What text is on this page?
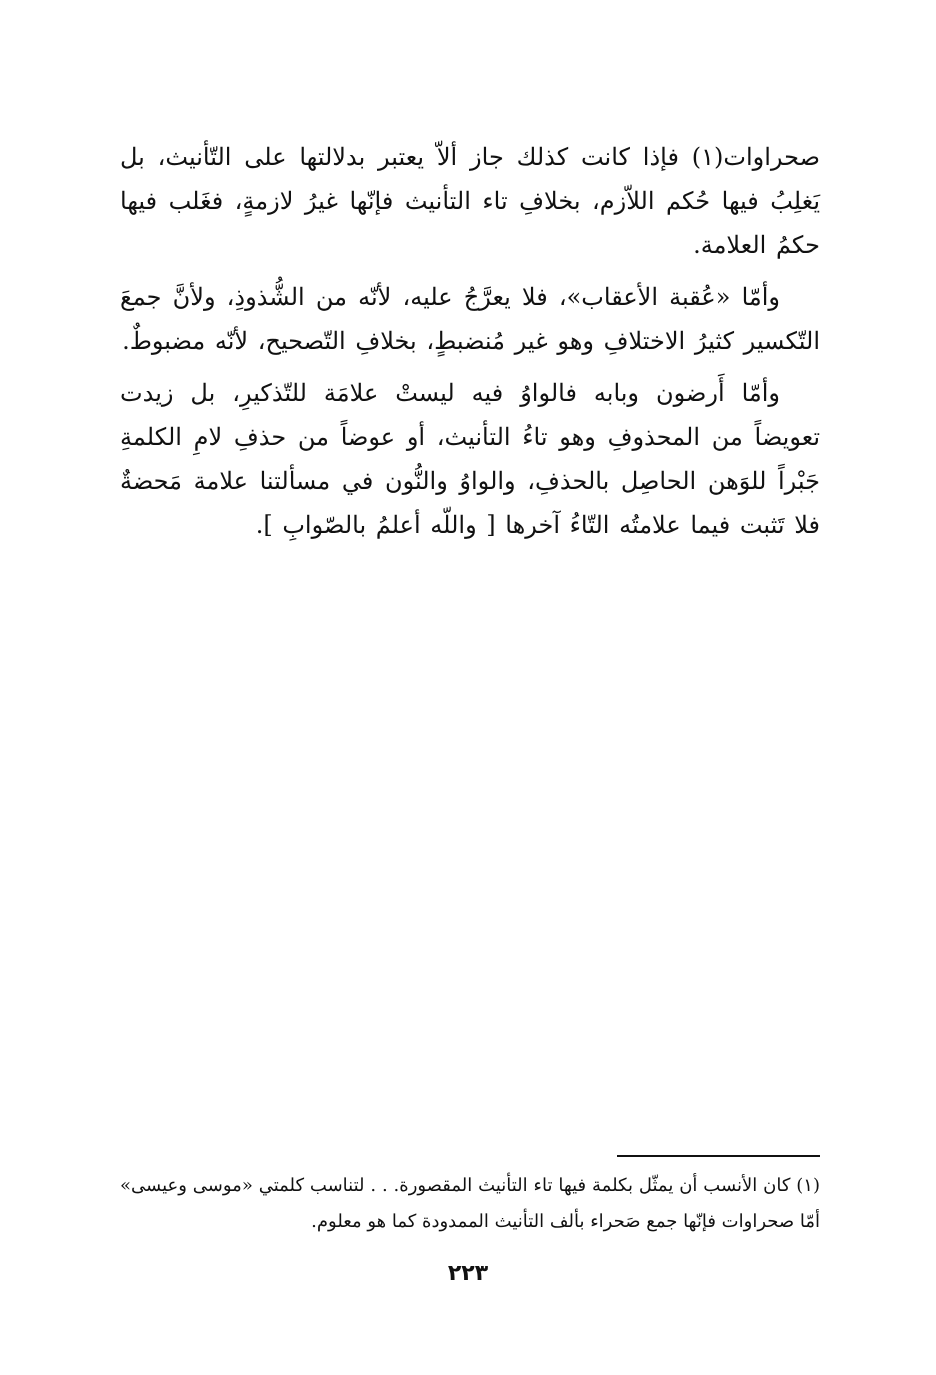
صحراوات(١) فإذا كانت كذلك جاز ألاّ يعتبر بدلالتها على التّأنيث، بل يَغلِبُ فيها حُكم اللاّزم، بخلافِ تاء التأنيث فإنّها غيرُ لازمةٍ، فغَلب فيها حكمُ العلامة.

وأمّا «عُقبة الأعقاب»، فلا يعرَّجُ عليه، لأنّه من الشُّذوذِ، ولأنَّ جمعَ التّكسير كثيرُ الاختلافِ وهو غير مُنضبطٍ، بخلافِ التّصحيح، لأنّه مضبوطٌ.

وأمّا أَرضون وبابه فالواوُ فيه ليستْ علامَة للتّذكيرِ، بل زيدت تعويضاً من المحذوفِ وهو تاءُ التأنيث، أو عوضاً من حذفِ لامِ الكلمةِ جَبْراً للوَهن الحاصِل بالحذفِ، والواوُ والنُّون في مسألتنا علامة مَحضةٌ فلا تَثبت فيما علامتُه التّاءُ آخرها [ واللّه أعلمُ بالصّوابِ ].

(١) كان الأنسب أن يمثّل بكلمة فيها تاء التأنيث المقصورة. . . لتناسب كلمتي «موسى وعيسى» أمّا صحراوات فإنّها جمع صَحراء بألف التأنيث الممدودة كما هو معلوم.
٢٢٣
